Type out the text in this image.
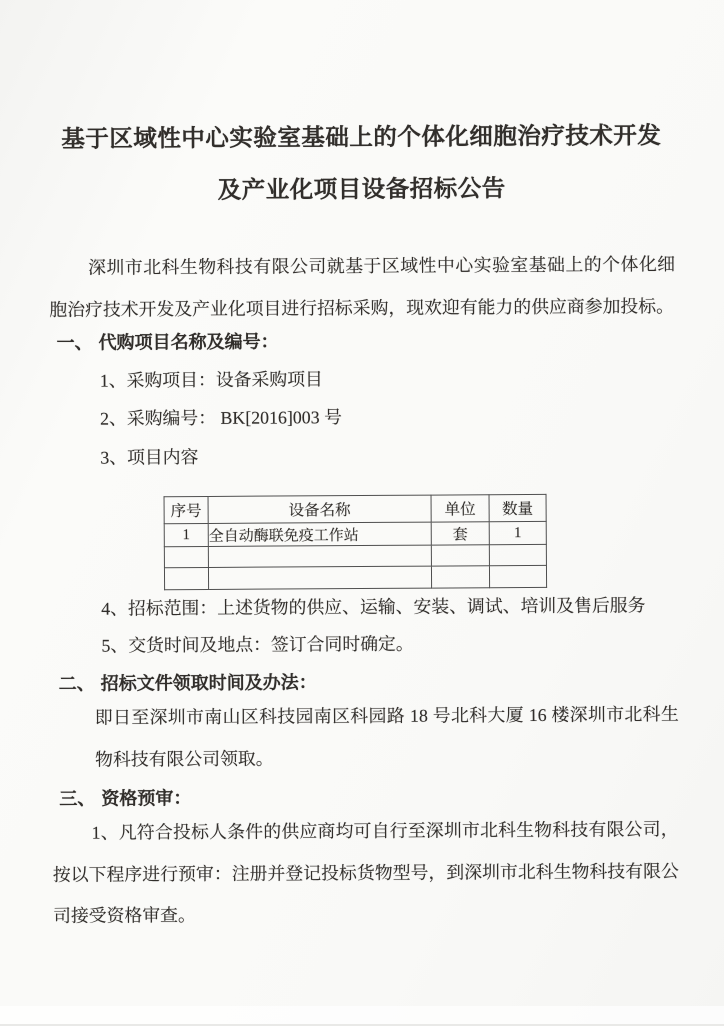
基于区域性中心实验室基础上的个体化细胞治疗技术开发
及产业化项目设备招标公告

深圳市北科生物科技有限公司就基于区域性中心实验室基础上的个体化细胞治疗技术开发及产业化项目进行招标采购，现欢迎有能力的供应商参加投标。

一、 代购项目名称及编号：
1、采购项目：设备采购项目
2、采购编号： BK[2016]003 号
3、项目内容
序号	设备名称	单位	数量
1	全自动酶联免疫工作站	套	1

4、招标范围：上述货物的供应、运输、安装、调试、培训及售后服务
5、交货时间及地点：签订合同时确定。
二、 招标文件领取时间及办法：

即日至深圳市南山区科技园南区科园路 18 号北科大厦 16 楼深圳市北科生物科技有限公司领取。

三、 资格预审：

1、凡符合投标人条件的供应商均可自行至深圳市北科生物科技有限公司，按以下程序进行预审：注册并登记投标货物型号，到深圳市北科生物科技有限公司接受资格审查。
